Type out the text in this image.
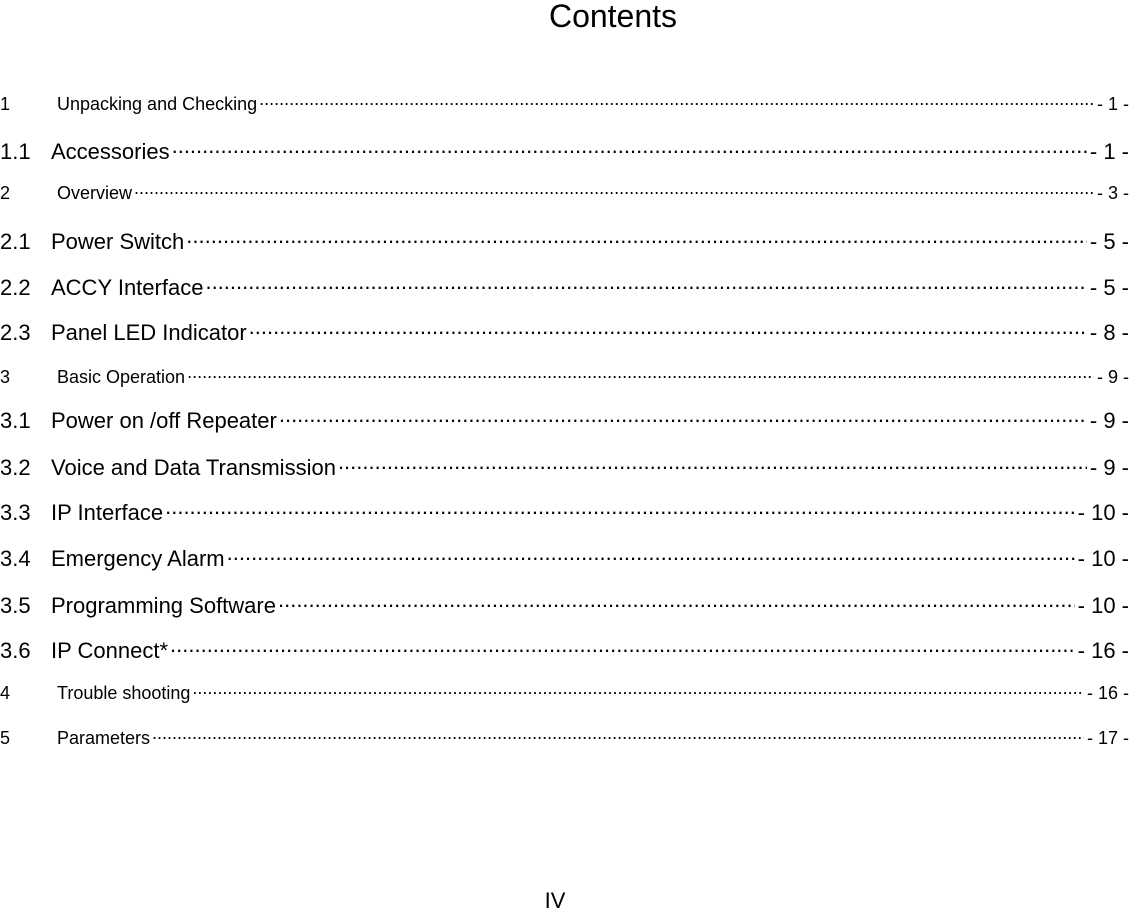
Contents
1	Unpacking and Checking .....	- 1 -
1.1 Accessories .....	- 1 -
2	Overview .....	- 3 -
2.1 Power Switch .....	- 5 -
2.2 ACCY Interface .....	- 5 -
2.3 Panel LED Indicator .....	- 8 -
3	Basic Operation .....	- 9 -
3.1 Power on /off Repeater .....	- 9 -
3.2 Voice and Data Transmission .....	- 9 -
3.3 IP Interface .....	- 10 -
3.4 Emergency Alarm .....	- 10 -
3.5 Programming Software .....	- 10 -
3.6 IP Connect* .....	- 16 -
4	Trouble shooting .....	- 16 -
5	Parameters .....	- 17 -
IV
